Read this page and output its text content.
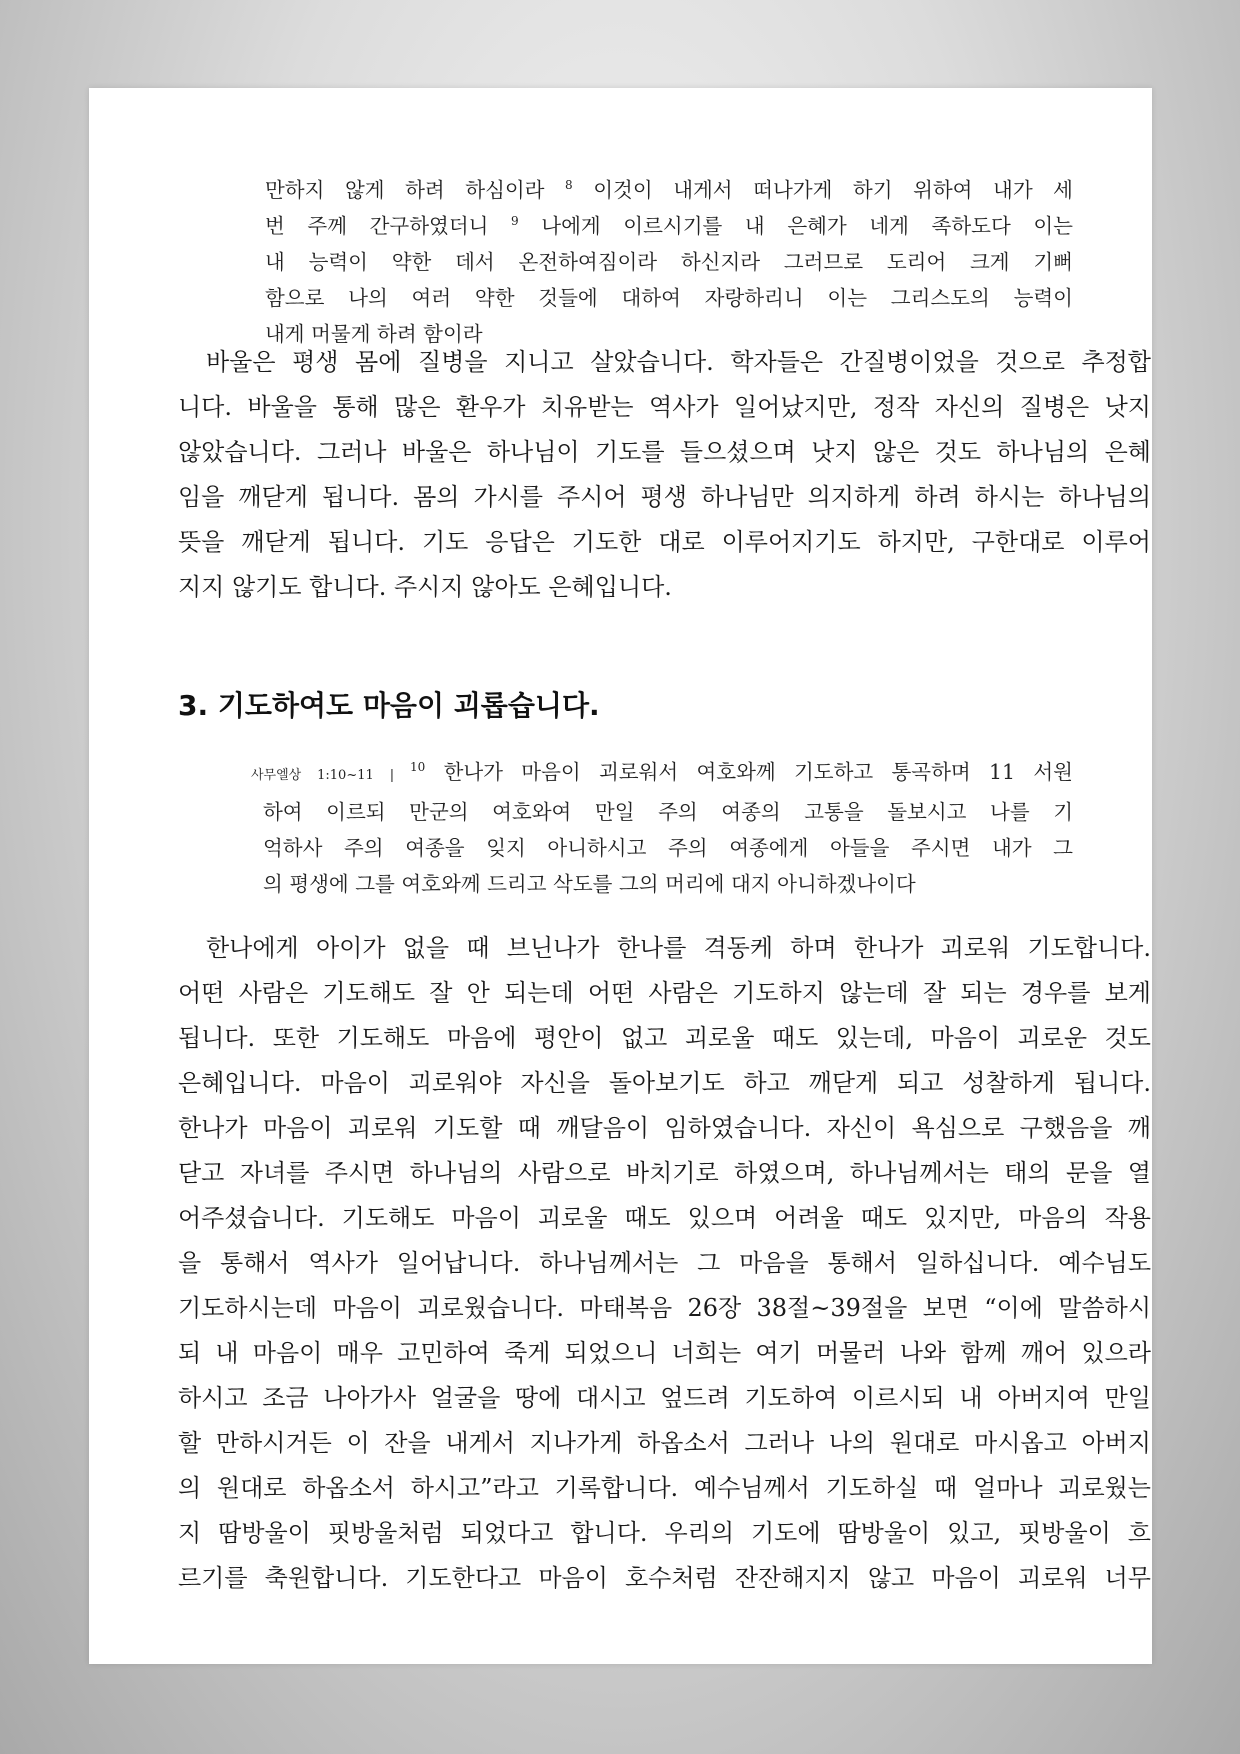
만하지 않게 하려 하심이라 $^8$ 이것이 내게서 떠나가게 하기 위하여 내가 세
번 주께 간구하였더니 $^9$ 나에게 이르시기를 내 은혜가 네게 족하도다 이는
내 능력이 약한 데서 온전하여짐이라 하신지라 그러므로 도리어 크게 기뻐
함으로 나의 여러 약한 것들에 대하여 자랑하리니 이는 그리스도의 능력이
내게 머물게 하려 함이라
바울은 평생 몸에 질병을 지니고 살았습니다. 학자들은 간질병이었을 것으로 추정합
니다. 바울을 통해 많은 환우가 치유받는 역사가 일어났지만, 정작 자신의 질병은 낫지
않았습니다. 그러나 바울은 하나님이 기도를 들으셨으며 낫지 않은 것도 하나님의 은혜
임을 깨닫게 됩니다. 몸의 가시를 주시어 평생 하나님만 의지하게 하려 하시는 하나님의
뜻을 깨닫게 됩니다. 기도 응답은 기도한 대로 이루어지기도 하지만, 구한대로 이루어
지지 않기도 합니다. 주시지 않아도 은혜입니다.
3. 기도하여도 마음이 괴롭습니다.
사무엘상 1:10~11 | $^{10}$ 한나가 마음이 괴로워서 여호와께 기도하고 통곡하며 11 서원
하여 이르되 만군의 여호와여 만일 주의 여종의 고통을 돌보시고 나를 기
억하사 주의 여종을 잊지 아니하시고 주의 여종에게 아들을 주시면 내가 그
의 평생에 그를 여호와께 드리고 삭도를 그의 머리에 대지 아니하겠나이다
한나에게 아이가 없을 때 브닌나가 한나를 격동케 하며 한나가 괴로워 기도합니다.
어떤 사람은 기도해도 잘 안 되는데 어떤 사람은 기도하지 않는데 잘 되는 경우를 보게
됩니다. 또한 기도해도 마음에 평안이 없고 괴로울 때도 있는데, 마음이 괴로운 것도
은혜입니다. 마음이 괴로워야 자신을 돌아보기도 하고 깨닫게 되고 성찰하게 됩니다.
한나가 마음이 괴로워 기도할 때 깨달음이 임하였습니다. 자신이 욕심으로 구했음을 깨
닫고 자녀를 주시면 하나님의 사람으로 바치기로 하였으며, 하나님께서는 태의 문을 열
어주셨습니다. 기도해도 마음이 괴로울 때도 있으며 어려울 때도 있지만, 마음의 작용
을 통해서 역사가 일어납니다. 하나님께서는 그 마음을 통해서 일하십니다. 예수님도
기도하시는데 마음이 괴로웠습니다. 마태복음 26장 38절~39절을 보면 “이에 말씀하시
되 내 마음이 매우 고민하여 죽게 되었으니 너희는 여기 머물러 나와 함께 깨어 있으라
하시고 조금 나아가사 얼굴을 땅에 대시고 엎드려 기도하여 이르시되 내 아버지여 만일
할 만하시거든 이 잔을 내게서 지나가게 하옵소서 그러나 나의 원대로 마시옵고 아버지
의 원대로 하옵소서 하시고”라고 기록합니다. 예수님께서 기도하실 때 얼마나 괴로웠는
지 땀방울이 핏방울처럼 되었다고 합니다. 우리의 기도에 땀방울이 있고, 핏방울이 흐
르기를 축원합니다. 기도한다고 마음이 호수처럼 잔잔해지지 않고 마음이 괴로워 너무
